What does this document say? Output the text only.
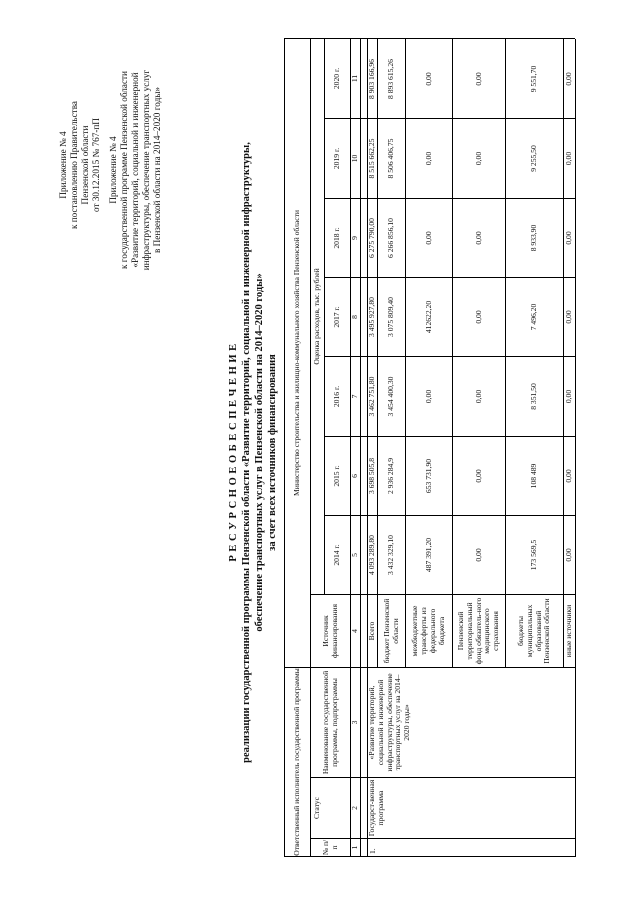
Приложение № 4 к постановлению Правительства Пензенской области от 30.12.2015 № 767-пП Приложение № 4 к государственной программе Пензенской области «Развитие территорий, социальной и инженерной инфраструктуры, обеспечение транспортных услуг в Пензенской области на 2014–2020 годы»
Р Е С У Р С Н О Е О Б Е С П Е Ч Е Н И Е реализации государственной программы Пензенской области «Развитие территорий, социальной и инженерной инфраструктуры, обеспечение транспортных услуг в Пензенской области на 2014–2020 годы» за счет всех источников финансирования
Ответственный исполнитель государственной программы
Министерство строительства и жилищно-коммунального хозяйства Пензенской области
№ п/п
Статус
Наименование государственной программы, подпрограммы
Источник финансирования
Оценка расходов, тыс. рублей
2014 г.
2015 г.
2016 г.
2017 г.
2018 г.
2019 г.
2020 г.
1
2
3
4
5
6
7
8
9
10
11
1.
Государст-венная программа
«Развитие территорий, социальной и инженерной инфраструктуры, обеспечение транспортных услуг на 2014–2020 годы»
Всего
4 093 289,80
3 698 505,8
3 462 751,80
3 495 927,80
6 275 790,00
8 515 662,25
8 903 166,96
бюджет Пензенской области
3 432 329,10
2 936 284,9
3 454 400,30
3 075 809,40
6 266 856,10
8 506 406,75
8 893 615,26
межбюджетные трансферты из федерального бюджета
487 391,20
653 731,90
0,00
412622,20
0,00
0,00
0,00
Пензенский территориальный фонд обязатель-ного медицинского страхования
0,00
0,00
0,00
0,00
0,00
0,00
0,00
бюджеты муниципальных образований Пензенской области
173 569,5
108 489
8 351,50
7 496,20
8 933,90
9 255,50
9 551,70
иные источники
0,00
0,00
0,00
0,00
0,00
0,00
0,00
